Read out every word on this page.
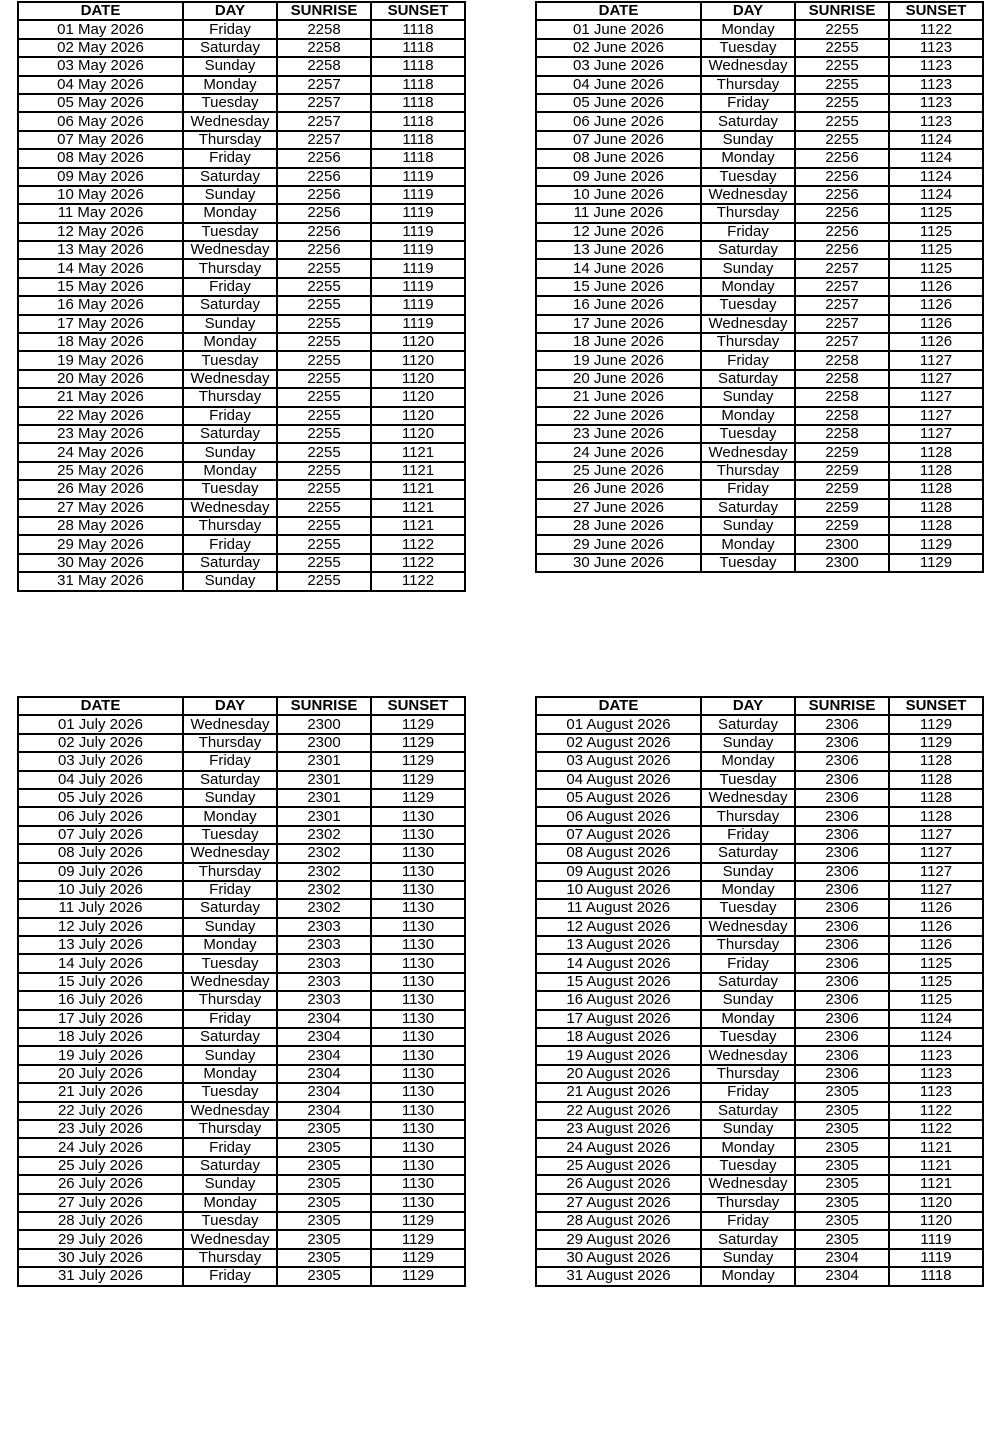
DATE	DAY	SUNRISE	SUNSET
01 May 2026	Friday	2258	1118
02 May 2026	Saturday	2258	1118
03 May 2026	Sunday	2258	1118
04 May 2026	Monday	2257	1118
05 May 2026	Tuesday	2257	1118
06 May 2026	Wednesday	2257	1118
07 May 2026	Thursday	2257	1118
08 May 2026	Friday	2256	1118
09 May 2026	Saturday	2256	1119
10 May 2026	Sunday	2256	1119
11 May 2026	Monday	2256	1119
12 May 2026	Tuesday	2256	1119
13 May 2026	Wednesday	2256	1119
14 May 2026	Thursday	2255	1119
15 May 2026	Friday	2255	1119
16 May 2026	Saturday	2255	1119
17 May 2026	Sunday	2255	1119
18 May 2026	Monday	2255	1120
19 May 2026	Tuesday	2255	1120
20 May 2026	Wednesday	2255	1120
21 May 2026	Thursday	2255	1120
22 May 2026	Friday	2255	1120
23 May 2026	Saturday	2255	1120
24 May 2026	Sunday	2255	1121
25 May 2026	Monday	2255	1121
26 May 2026	Tuesday	2255	1121
27 May 2026	Wednesday	2255	1121
28 May 2026	Thursday	2255	1121
29 May 2026	Friday	2255	1122
30 May 2026	Saturday	2255	1122
31 May 2026	Sunday	2255	1122
DATE	DAY	SUNRISE	SUNSET
01 June 2026	Monday	2255	1122
02 June 2026	Tuesday	2255	1123
03 June 2026	Wednesday	2255	1123
04 June 2026	Thursday	2255	1123
05 June 2026	Friday	2255	1123
06 June 2026	Saturday	2255	1123
07 June 2026	Sunday	2255	1124
08 June 2026	Monday	2256	1124
09 June 2026	Tuesday	2256	1124
10 June 2026	Wednesday	2256	1124
11 June 2026	Thursday	2256	1125
12 June 2026	Friday	2256	1125
13 June 2026	Saturday	2256	1125
14 June 2026	Sunday	2257	1125
15 June 2026	Monday	2257	1126
16 June 2026	Tuesday	2257	1126
17 June 2026	Wednesday	2257	1126
18 June 2026	Thursday	2257	1126
19 June 2026	Friday	2258	1127
20 June 2026	Saturday	2258	1127
21 June 2026	Sunday	2258	1127
22 June 2026	Monday	2258	1127
23 June 2026	Tuesday	2258	1127
24 June 2026	Wednesday	2259	1128
25 June 2026	Thursday	2259	1128
26 June 2026	Friday	2259	1128
27 June 2026	Saturday	2259	1128
28 June 2026	Sunday	2259	1128
29 June 2026	Monday	2300	1129
30 June 2026	Tuesday	2300	1129
DATE	DAY	SUNRISE	SUNSET
01 July 2026	Wednesday	2300	1129
02 July 2026	Thursday	2300	1129
03 July 2026	Friday	2301	1129
04 July 2026	Saturday	2301	1129
05 July 2026	Sunday	2301	1129
06 July 2026	Monday	2301	1130
07 July 2026	Tuesday	2302	1130
08 July 2026	Wednesday	2302	1130
09 July 2026	Thursday	2302	1130
10 July 2026	Friday	2302	1130
11 July 2026	Saturday	2302	1130
12 July 2026	Sunday	2303	1130
13 July 2026	Monday	2303	1130
14 July 2026	Tuesday	2303	1130
15 July 2026	Wednesday	2303	1130
16 July 2026	Thursday	2303	1130
17 July 2026	Friday	2304	1130
18 July 2026	Saturday	2304	1130
19 July 2026	Sunday	2304	1130
20 July 2026	Monday	2304	1130
21 July 2026	Tuesday	2304	1130
22 July 2026	Wednesday	2304	1130
23 July 2026	Thursday	2305	1130
24 July 2026	Friday	2305	1130
25 July 2026	Saturday	2305	1130
26 July 2026	Sunday	2305	1130
27 July 2026	Monday	2305	1130
28 July 2026	Tuesday	2305	1129
29 July 2026	Wednesday	2305	1129
30 July 2026	Thursday	2305	1129
31 July 2026	Friday	2305	1129
DATE	DAY	SUNRISE	SUNSET
01 August 2026	Saturday	2306	1129
02 August 2026	Sunday	2306	1129
03 August 2026	Monday	2306	1128
04 August 2026	Tuesday	2306	1128
05 August 2026	Wednesday	2306	1128
06 August 2026	Thursday	2306	1128
07 August 2026	Friday	2306	1127
08 August 2026	Saturday	2306	1127
09 August 2026	Sunday	2306	1127
10 August 2026	Monday	2306	1127
11 August 2026	Tuesday	2306	1126
12 August 2026	Wednesday	2306	1126
13 August 2026	Thursday	2306	1126
14 August 2026	Friday	2306	1125
15 August 2026	Saturday	2306	1125
16 August 2026	Sunday	2306	1125
17 August 2026	Monday	2306	1124
18 August 2026	Tuesday	2306	1124
19 August 2026	Wednesday	2306	1123
20 August 2026	Thursday	2306	1123
21 August 2026	Friday	2305	1123
22 August 2026	Saturday	2305	1122
23 August 2026	Sunday	2305	1122
24 August 2026	Monday	2305	1121
25 August 2026	Tuesday	2305	1121
26 August 2026	Wednesday	2305	1121
27 August 2026	Thursday	2305	1120
28 August 2026	Friday	2305	1120
29 August 2026	Saturday	2305	1119
30 August 2026	Sunday	2304	1119
31 August 2026	Monday	2304	1118
